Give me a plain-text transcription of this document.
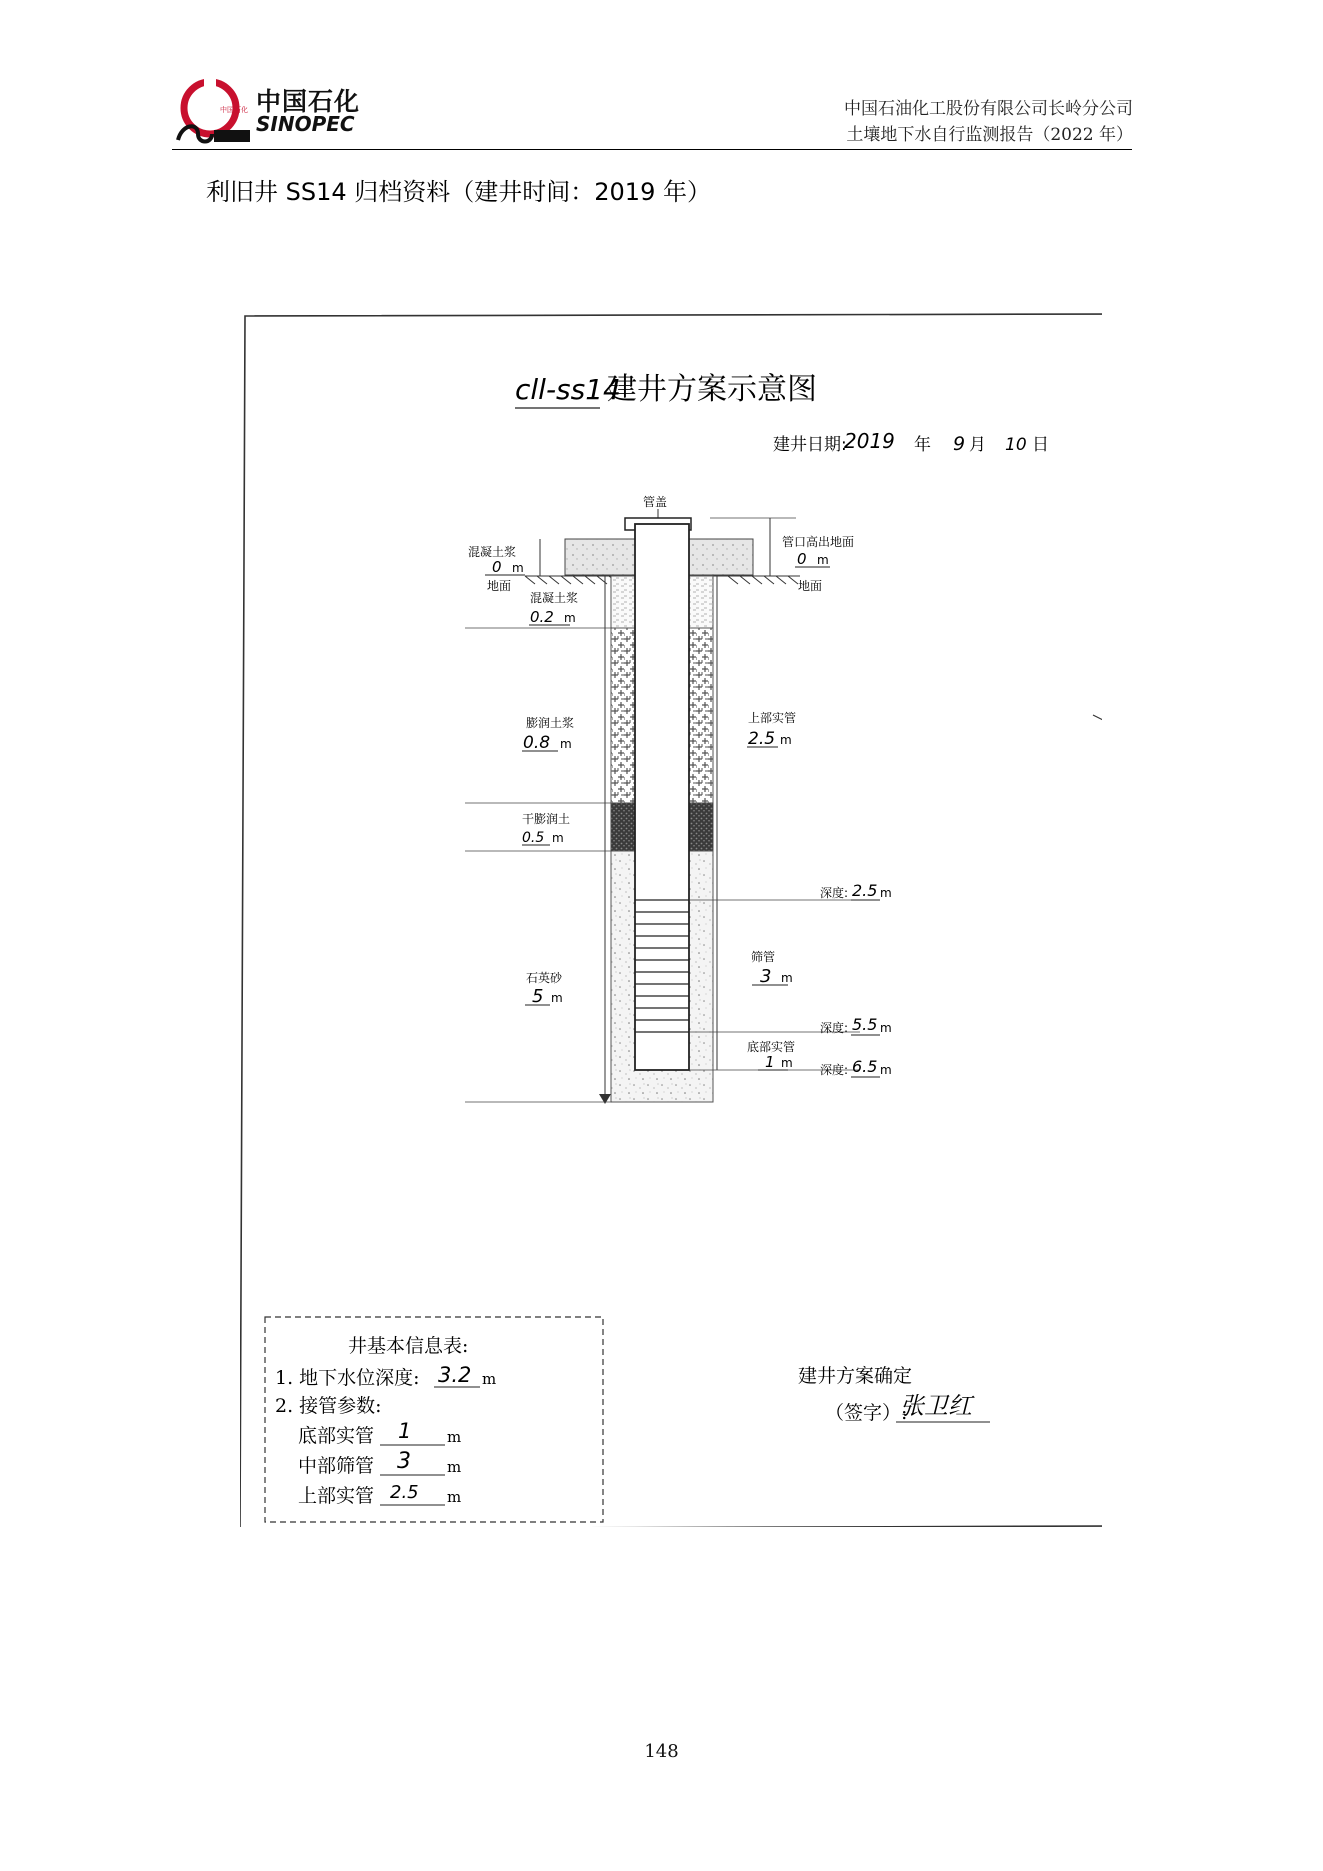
中国石化 中国石化
SINOPEC
中国石油化工股份有限公司长岭分公司
土壤地下水自行监测报告（2022 年）
利旧井 SS14 归档资料（建井时间：2019 年）
cll-ss14
建井方案示意图
建井日期:
2019 年 9 月 10 日
管盖
混凝土浆
0 m
地面
混凝土浆
0.2 m
膨润土浆
0.8 m
干膨润土
0.5 m
石英砂
5 m
管口高出地面
0 m
地面
上部实管
2.5 m
筛管
3 m
底部实管
1 m
深度: 2.5 m
深度: 5.5 m
深度: 6.5 m
井基本信息表:
1. 地下水位深度: 3.2 m
2. 接管参数:
底部实管 1 m
中部筛管 3 m
上部实管 2.5 m
建井方案确定
（签字）:
张卫红
148
